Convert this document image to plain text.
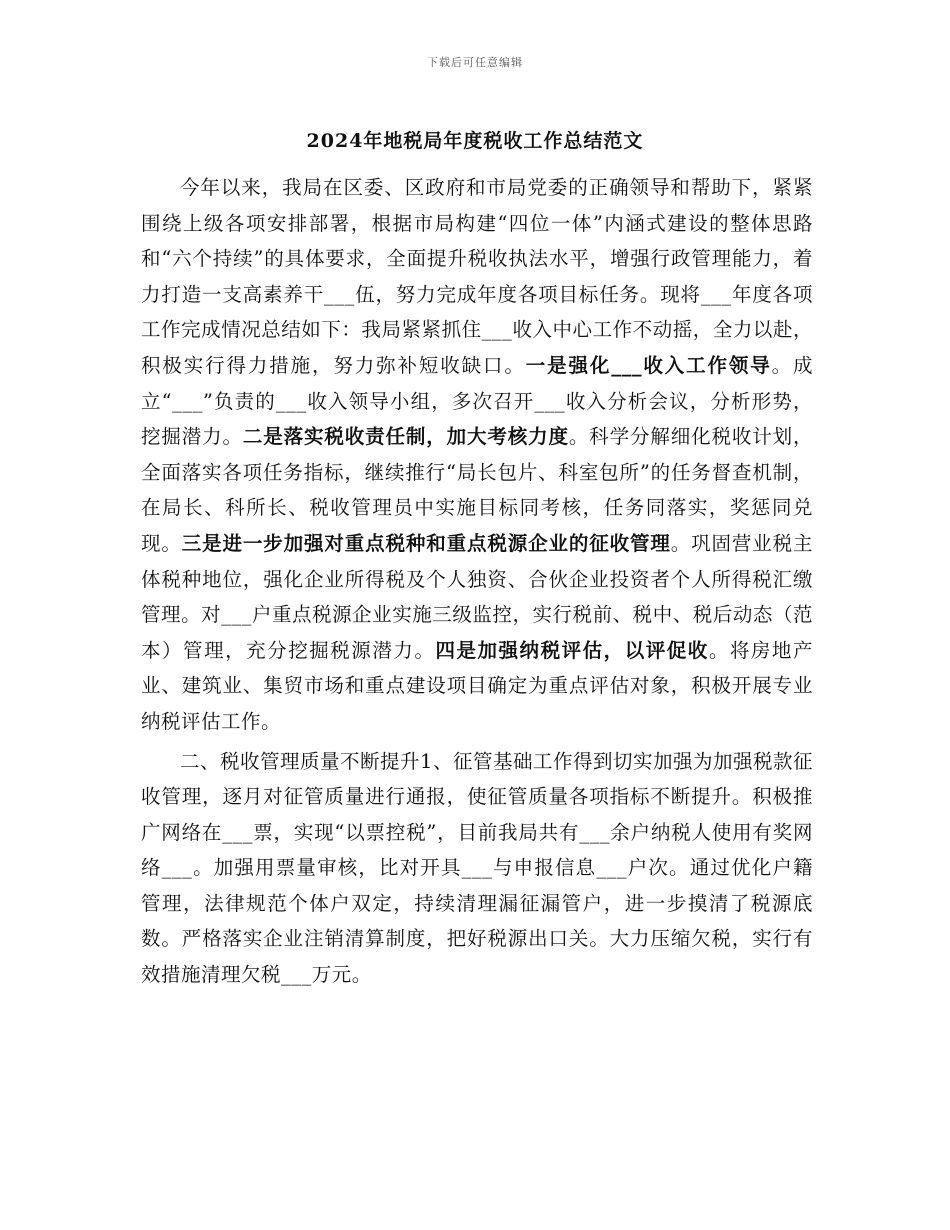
下载后可任意编辑
2024年地税局年度税收工作总结范文

今年以来，我局在区委、区政府和市局党委的正确领导和帮助下，紧紧围绕上级各项安排部署，根据市局构建“四位一体”内涵式建设的整体思路和“六个持续”的具体要求，全面提升税收执法水平，增强行政管理能力，着力打造一支高素养干___伍，努力完成年度各项目标任务。现将___年度各项工作完成情况总结如下：我局紧紧抓住___收入中心工作不动摇，全力以赴，积极实行得力措施，努力弥补短收缺口。一是强化___收入工作领导。成立“___”负责的___收入领导小组，多次召开___收入分析会议，分析形势，挖掘潜力。二是落实税收责任制，加大考核力度。科学分解细化税收计划，全面落实各项任务指标，继续推行“局长包片、科室包所”的任务督查机制，在局长、科所长、税收管理员中实施目标同考核，任务同落实，奖惩同兑现。三是进一步加强对重点税种和重点税源企业的征收管理。巩固营业税主体税种地位，强化企业所得税及个人独资、合伙企业投资者个人所得税汇缴管理。对___户重点税源企业实施三级监控，实行税前、税中、税后动态（范本）管理，充分挖掘税源潜力。四是加强纳税评估，以评促收。将房地产业、建筑业、集贸市场和重点建设项目确定为重点评估对象，积极开展专业纳税评估工作。

二、税收管理质量不断提升1、征管基础工作得到切实加强为加强税款征收管理，逐月对征管质量进行通报，使征管质量各项指标不断提升。积极推广网络在___票，实现“以票控税”，目前我局共有___余户纳税人使用有奖网络___。加强用票量审核，比对开具___与申报信息___户次。通过优化户籍管理，法律规范个体户双定，持续清理漏征漏管户，进一步摸清了税源底数。严格落实企业注销清算制度，把好税源出口关。大力压缩欠税，实行有效措施清理欠税___万元。
